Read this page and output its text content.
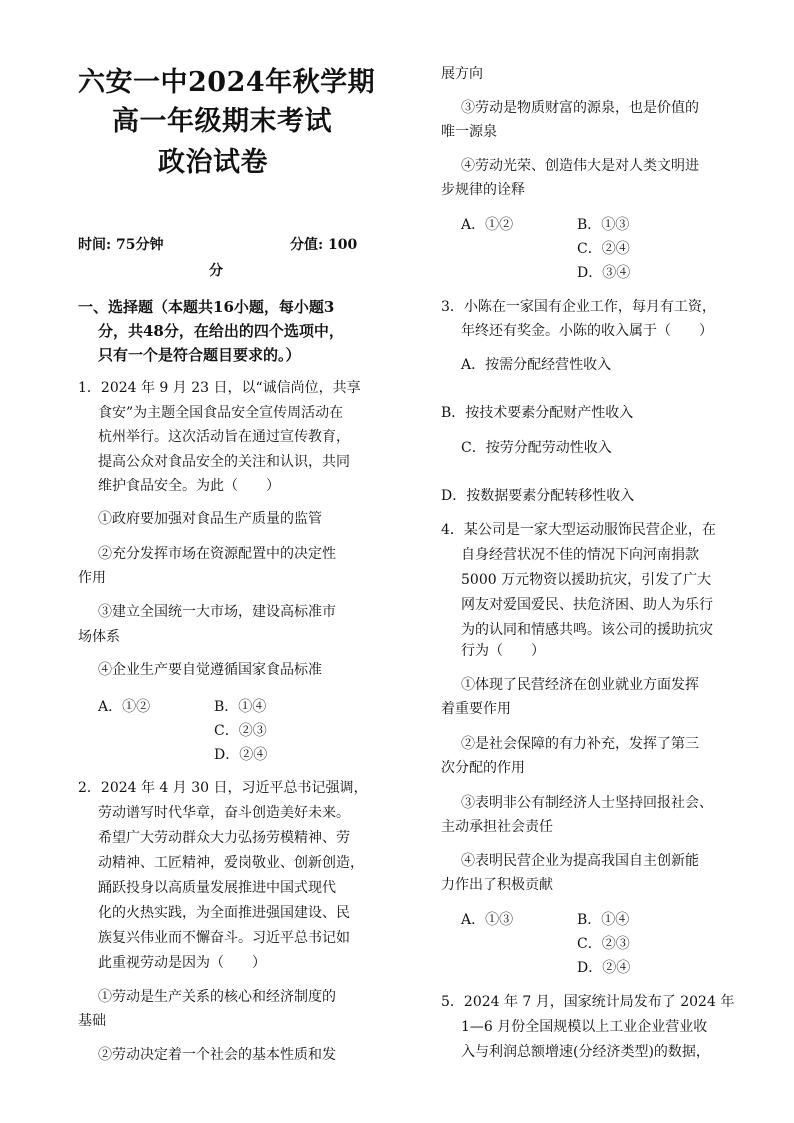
六安一中2024年秋学期
高一年级期末考试
政治试卷
时间: 75分钟	分值: 100
分
一、选择题（本题共16小题，每小题3
分，共48分，在给出的四个选项中，
只有一个是符合题目要求的。）
1．2024 年 9 月 23 日，以“诚信尚位，共享
食安”为主题全国食品安全宣传周活动在
杭州举行。这次活动旨在通过宣传教育，
提高公众对食品安全的关注和认识，共同
维护食品安全。为此（　　）
①政府要加强对食品生产质量的监管
②充分发挥市场在资源配置中的决定性
作用
③建立全国统一大市场，建设高标准市
场体系
④企业生产要自觉遵循国家食品标准
A．①②	B．①④
C．②③
D．②④
2．2024 年 4 月 30 日，习近平总书记强调，
劳动谱写时代华章，奋斗创造美好未来。
希望广大劳动群众大力弘扬劳模精神、劳
动精神、工匠精神，爱岗敬业、创新创造，
踊跃投身以高质量发展推进中国式现代
化的火热实践，为全面推进强国建设、民
族复兴伟业而不懈奋斗。习近平总书记如
此重视劳动是因为（　　）
①劳动是生产关系的核心和经济制度的
基础
②劳动决定着一个社会的基本性质和发
展方向
③劳动是物质财富的源泉，也是价值的
唯一源泉
④劳动光荣、创造伟大是对人类文明进
步规律的诠释
A．①②	B．①③
C．②④
D．③④
3．小陈在一家国有企业工作，每月有工资，
年终还有奖金。小陈的收入属于（　　）
A．按需分配经营性收入
B．按技术要素分配财产性收入
C．按劳分配劳动性收入
D．按数据要素分配转移性收入
4．某公司是一家大型运动服饰民营企业，在
自身经营状况不佳的情况下向河南捐款
5000 万元物资以援助抗灾，引发了广大
网友对爱国爱民、扶危济困、助人为乐行
为的认同和情感共鸣。该公司的援助抗灾
行为（　　）
①体现了民营经济在创业就业方面发挥
着重要作用
②是社会保障的有力补充，发挥了第三
次分配的作用
③表明非公有制经济人士坚持回报社会、
主动承担社会责任
④表明民营企业为提高我国自主创新能
力作出了积极贡献
A．①③	B．①④
C．②③
D．②④
5．2024 年 7 月，国家统计局发布了 2024 年
1—6 月份全国规模以上工业企业营业收
入与利润总额增速(分经济类型)的数据，
